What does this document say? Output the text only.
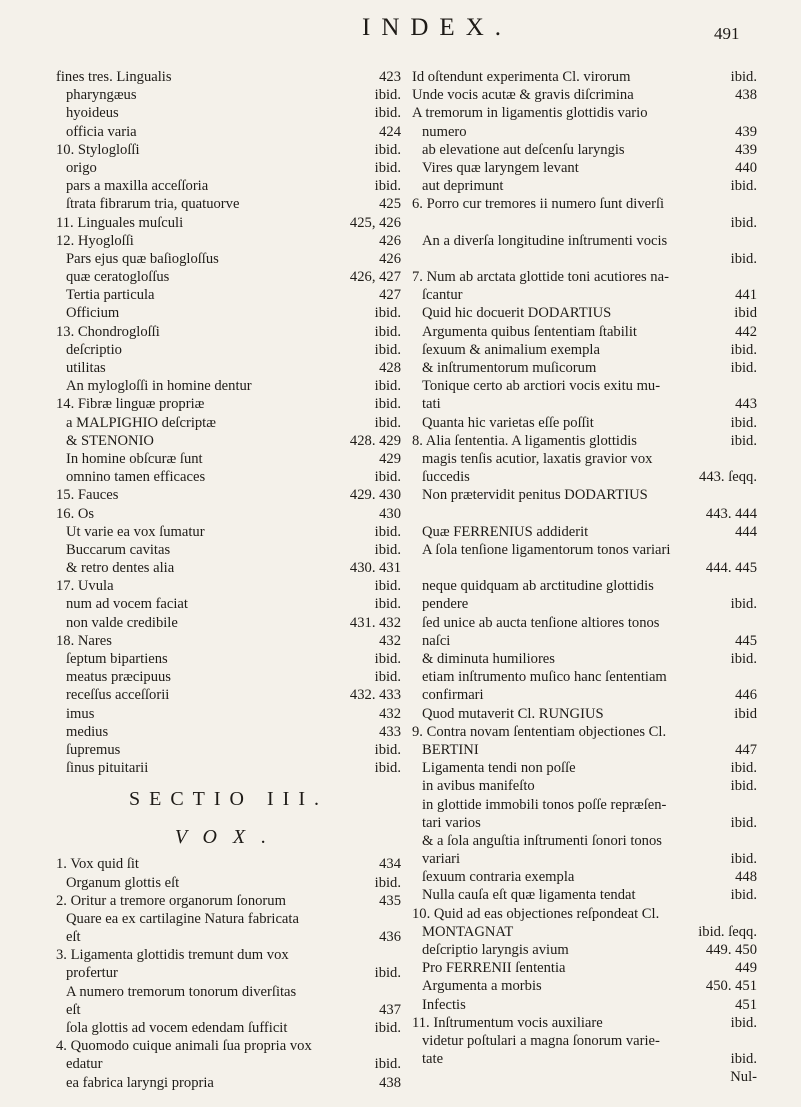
INDEX.	491
fines tres. Lingualis	423
pharyngæus	ibid.
hyoideus	ibid.
officia varia	424
10. Stylogloſſi	ibid.
origo	ibid.
pars a maxilla acceſſoria	ibid.
ſtrata fibrarum tria, quatuorve	425
11. Linguales muſculi	425, 426
12. Hyogloſſi	426
Pars ejus quæ baſiogloſſus	426
quæ ceratogloſſus	426, 427
Tertia particula	427
Officium	ibid.
13. Chondrogloſſi	ibid.
deſcriptio	ibid.
utilitas	428
An mylogloſſi in homine dentur	ibid.
14. Fibræ linguæ propriæ	ibid.
a MALPIGHIO deſcriptæ	ibid.
& STENONIO	428. 429
In homine obſcuræ ſunt	429
omnino tamen efficaces	ibid.
15. Fauces	429. 430
16. Os	430
Ut varie ea vox ſumatur	ibid.
Buccarum cavitas	ibid.
& retro dentes alia	430. 431
17. Uvula	ibid.
num ad vocem faciat	ibid.
non valde credibile	431. 432
18. Nares	432
ſeptum bipartiens	ibid.
meatus præcipuus	ibid.
receſſus acceſſorii	432. 433
imus	432
medius	433
ſupremus	ibid.
ſinus pituitarii	ibid.
SECTIO III.
VOX.
1. Vox quid ſit	434
Organum glottis eſt	ibid.
2. Oritur a tremore organorum ſonorum	435
Quare ea ex cartilagine Natura fabricata
eſt	436
3. Ligamenta glottidis tremunt dum vox
profertur	ibid.
A numero tremorum tonorum diverſitas
eſt	437
ſola glottis ad vocem edendam ſufficit	ibid.
4. Quomodo cuique animali ſua propria vox
edatur	ibid.
ea fabrica laryngi propria	438
Id oſtendunt experimenta Cl. virorum	ibid.
Unde vocis acutæ & gravis diſcrimina	438
A tremorum in ligamentis glottidis vario
numero	439
ab elevatione aut deſcenſu laryngis	439
Vires quæ laryngem levant	440
aut deprimunt	ibid.
6. Porro cur tremores ii numero ſunt diverſi
ibid.
An a diverſa longitudine inſtrumenti vocis
ibid.
7. Num ab arctata glottide toni acutiores na-
ſcantur	441
Quid hic docuerit DODARTIUS	ibid
Argumenta quibus ſententiam ſtabilit	442
ſexuum & animalium exempla	ibid.
& inſtrumentorum muſicorum	ibid.
Tonique certo ab arctiori vocis exitu mu-
tati	443
Quanta hic varietas eſſe poſſit	ibid.
8. Alia ſententia. A ligamentis glottidis	ibid.
magis tenſis acutior, laxatis gravior vox
ſuccedis	443. ſeqq.
Non prætervidit penitus DODARTIUS
443. 444
Quæ FERRENIUS addiderit	444
A ſola tenſione ligamentorum tonos variari
444. 445
neque quidquam ab arctitudine glottidis
pendere	ibid.
ſed unice ab aucta tenſione altiores tonos
naſci	445
& diminuta humiliores	ibid.
etiam inſtrumento muſico hanc ſententiam
confirmari	446
Quod mutaverit Cl. RUNGIUS	ibid
9. Contra novam ſententiam objectiones Cl.
BERTINI	447
Ligamenta tendi non poſſe	ibid.
in avibus manifeſto	ibid.
in glottide immobili tonos poſſe repræſen-
tari varios	ibid.
& a ſola anguſtia inſtrumenti ſonori tonos
variari	ibid.
ſexuum contraria exempla	448
Nulla cauſa eſt quæ ligamenta tendat	ibid.
10. Quid ad eas objectiones reſpondeat Cl.
MONTAGNAT	ibid. ſeqq.
deſcriptio laryngis avium	449. 450
Pro FERRENII ſententia	449
Argumenta a morbis	450. 451
Infectis	451
11. Inſtrumentum vocis auxiliare	ibid.
videtur poſtulari a magna ſonorum varie-
tate	ibid.
Nul-
